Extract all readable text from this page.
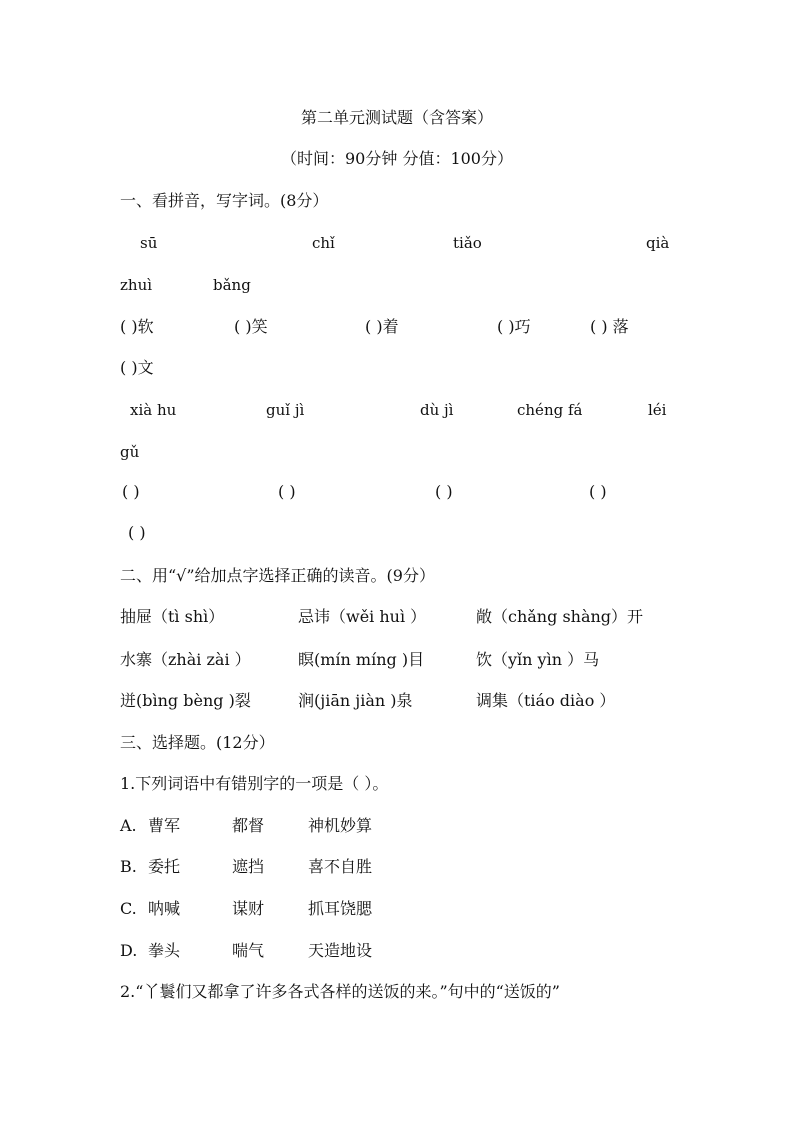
第二单元测试题（含答案）
（时间：90分钟 分值：100分）
一、看拼音，写字词。(8分）
sū	chǐ	tiǎo	qià
zhuì	bǎng
( )软	( )笑	( )着	( )巧	( ) 落
( )文
xià hu	guǐ jì	dù jì	chéng fá	léi
gǔ
( )	( )	( )	( )
( )
二、用“√”给加点字选择正确的读音。(9分）
抽屉（tì shì）	忌讳（wěi huì ）	敞（chǎng shàng）开
水寨（zhài zài ）	瞑(mín míng )目	饮（yǐn yìn ）马
迸(bìng bèng )裂	涧(jiān jiàn )泉	调集（tiáo diào ）
三、选择题。(12分）
1.下列词语中有错别字的一项是（ ）。
A. 曹军	都督	神机妙算
B. 委托	遮挡	喜不自胜
C. 呐喊	谋财	抓耳饶腮
D. 拳头	喘气	天造地设
2.“丫鬟们又都拿了许多各式各样的送饭的来。”句中的“送饭的”
